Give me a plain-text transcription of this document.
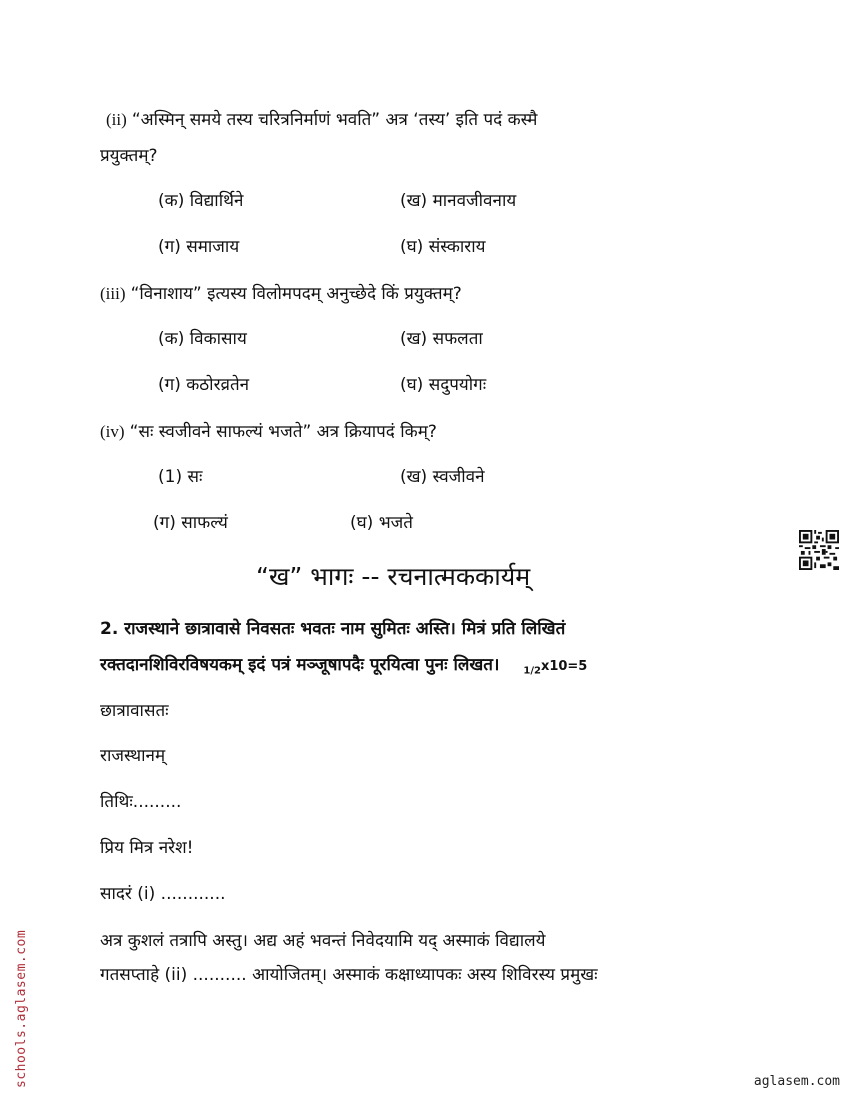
(ii) “अस्मिन् समये तस्य चरित्रनिर्माणं भवति” अत्र ‘तस्य’ इति पदं कस्मै
प्रयुक्तम्?
(क) विद्यार्थिने	(ख) मानवजीवनाय
(ग) समाजाय	(घ) संस्काराय
(iii) “विनाशाय” इत्यस्य विलोमपदम् अनुच्छेदे किं प्रयुक्तम्?
(क) विकासाय	(ख) सफलता
(ग) कठोरव्रतेन	(घ) सदुपयोगः
(iv) “सः स्वजीवने साफल्यं भजते” अत्र क्रियापदं किम्?
(1) सः	(ख) स्वजीवने
(ग) साफल्यं	(घ) भजते
“ख” भागः -- रचनात्मककार्यम्
2. राजस्थाने छात्रावासे निवसतः भवतः नाम सुमितः अस्ति। मित्रं प्रति लिखितं
रक्तदानशिविरविषयकम् इदं पत्रं मञ्जूषापदैः पूरयित्वा पुनः लिखत। $_{1/2}$x10=5
छात्रावासतः
राजस्थानम्
तिथिः.........
प्रिय मित्र नरेश!
सादरं (i) ............
अत्र कुशलं तत्रापि अस्तु। अद्य अहं भवन्तं निवेदयामि यद् अस्माकं विद्यालये
गतसप्ताहे (ii) .......... आयोजितम्। अस्माकं कक्षाध्यापकः अस्य शिविरस्य प्रमुखः
schools.aglasem.com	aglasem.com
